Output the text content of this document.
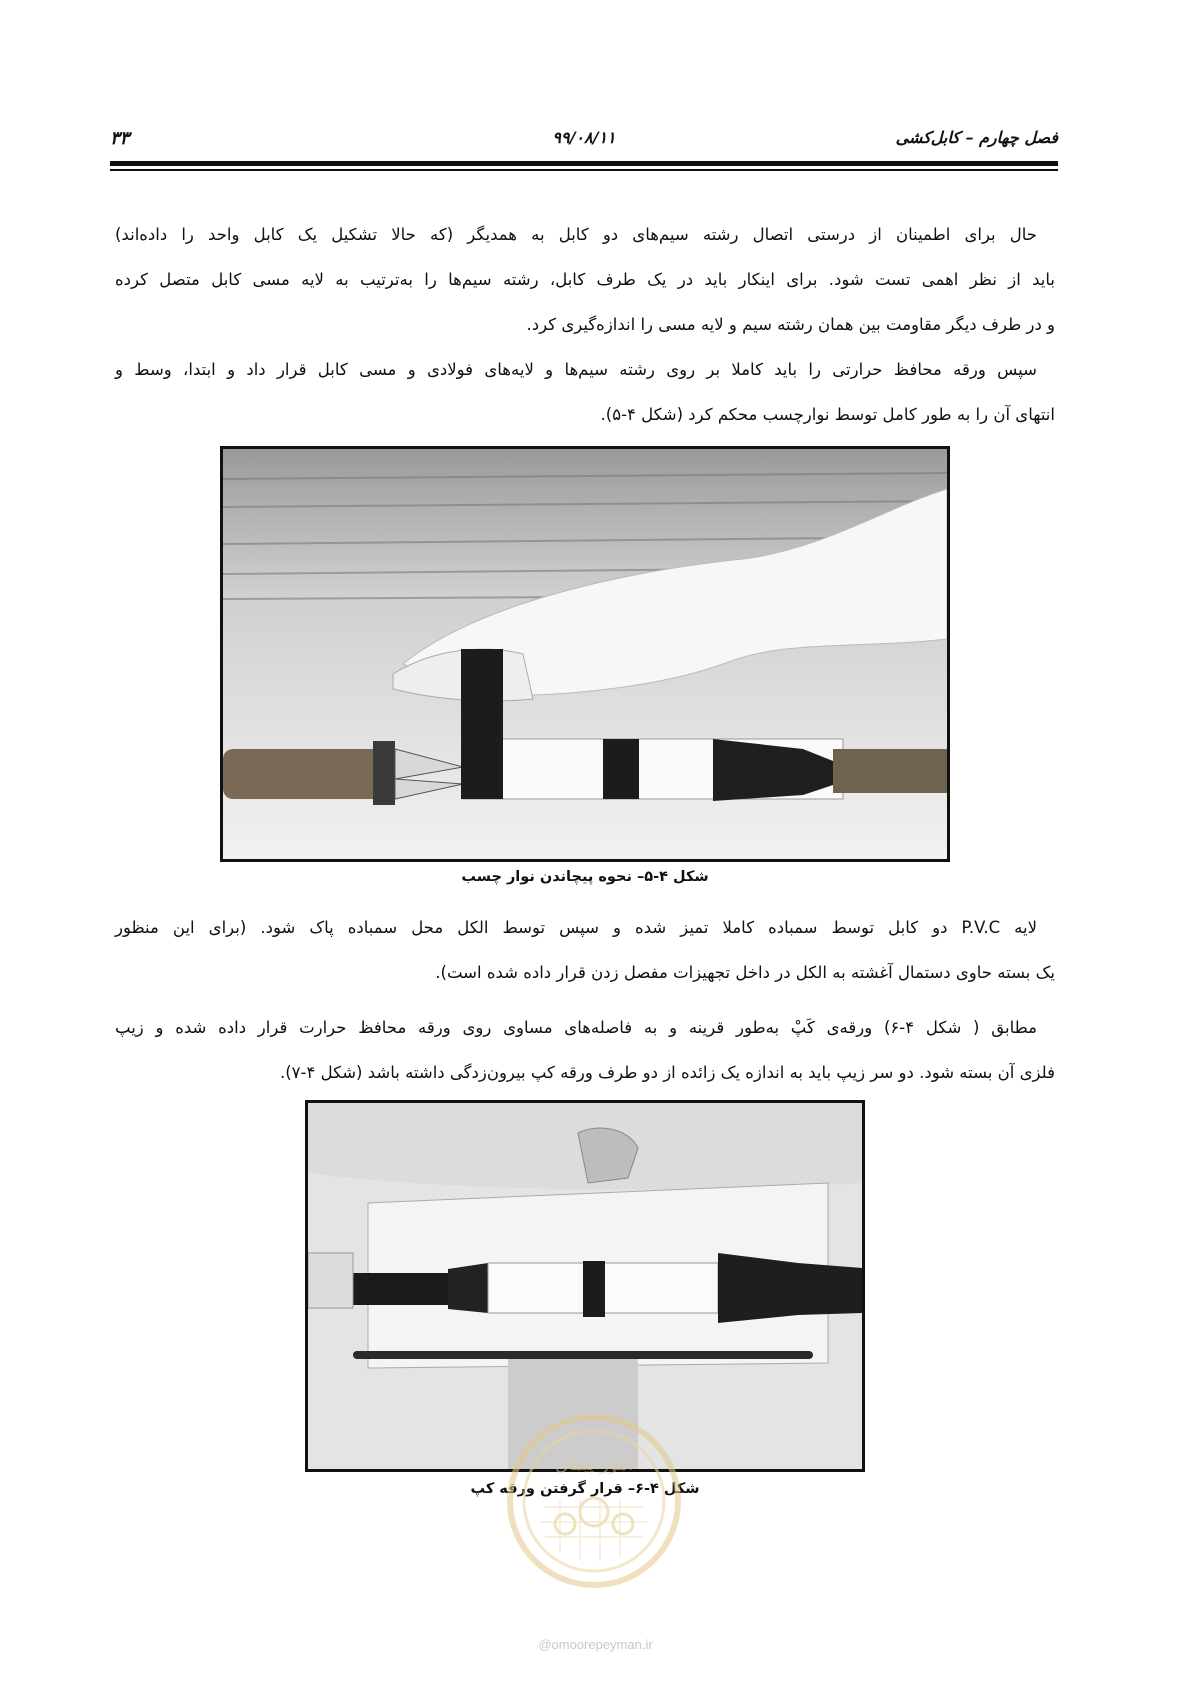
فصل چهارم – کابل‌کشی
۹۹/۰۸/۱۱
۳۳
حال برای اطمینان از درستی اتصال رشته سیم‌های دو کابل به همدیگر (که حالا تشکیل یک کابل واحد را داده‌اند)
باید از نظر اهمی تست شود. برای اینکار باید در یک طرف کابل، رشته سیم‌ها را به‌ترتیب به لایه مسی کابل متصل کرده
و در طرف دیگر مقاومت بین همان رشته سیم و لایه مسی را اندازه‌گیری کرد.
سپس ورقه محافظ حرارتی را باید کاملا بر روی رشته سیم‌ها و لایه‌های فولادی و مسی کابل قرار داد و ابتدا، وسط و
انتهای آن را به طور کامل توسط نوارچسب محکم کرد (شکل ۴-۵).
شکل ۴-۵– نحوه پیچاندن نوار چسب
لایه P.V.C دو کابل توسط سمباده کاملا تمیز شده و سپس توسط الکل محل سمباده پاک شود. (برای این منظور
یک بسته حاوی دستمال آغشته به الکل در داخل تجهیزات مفصل زدن قرار داده شده است).
مطابق ( شکل ۴-۶) ورقه‌ی کَپْ به‌طور قرینه و به فاصله‌های مساوی روی ورقه محافظ حرارت قرار داده شده و زیپ
فلزی آن بسته شود. دو سر زیپ باید به اندازه یک زائده از دو طرف ورقه کپ بیرون‌زدگی داشته باشد (شکل ۴-۷).
شکل ۴-۶– قرار گرفتن ورقه کپ
امور پیمان
@omoorepeyman.ir
